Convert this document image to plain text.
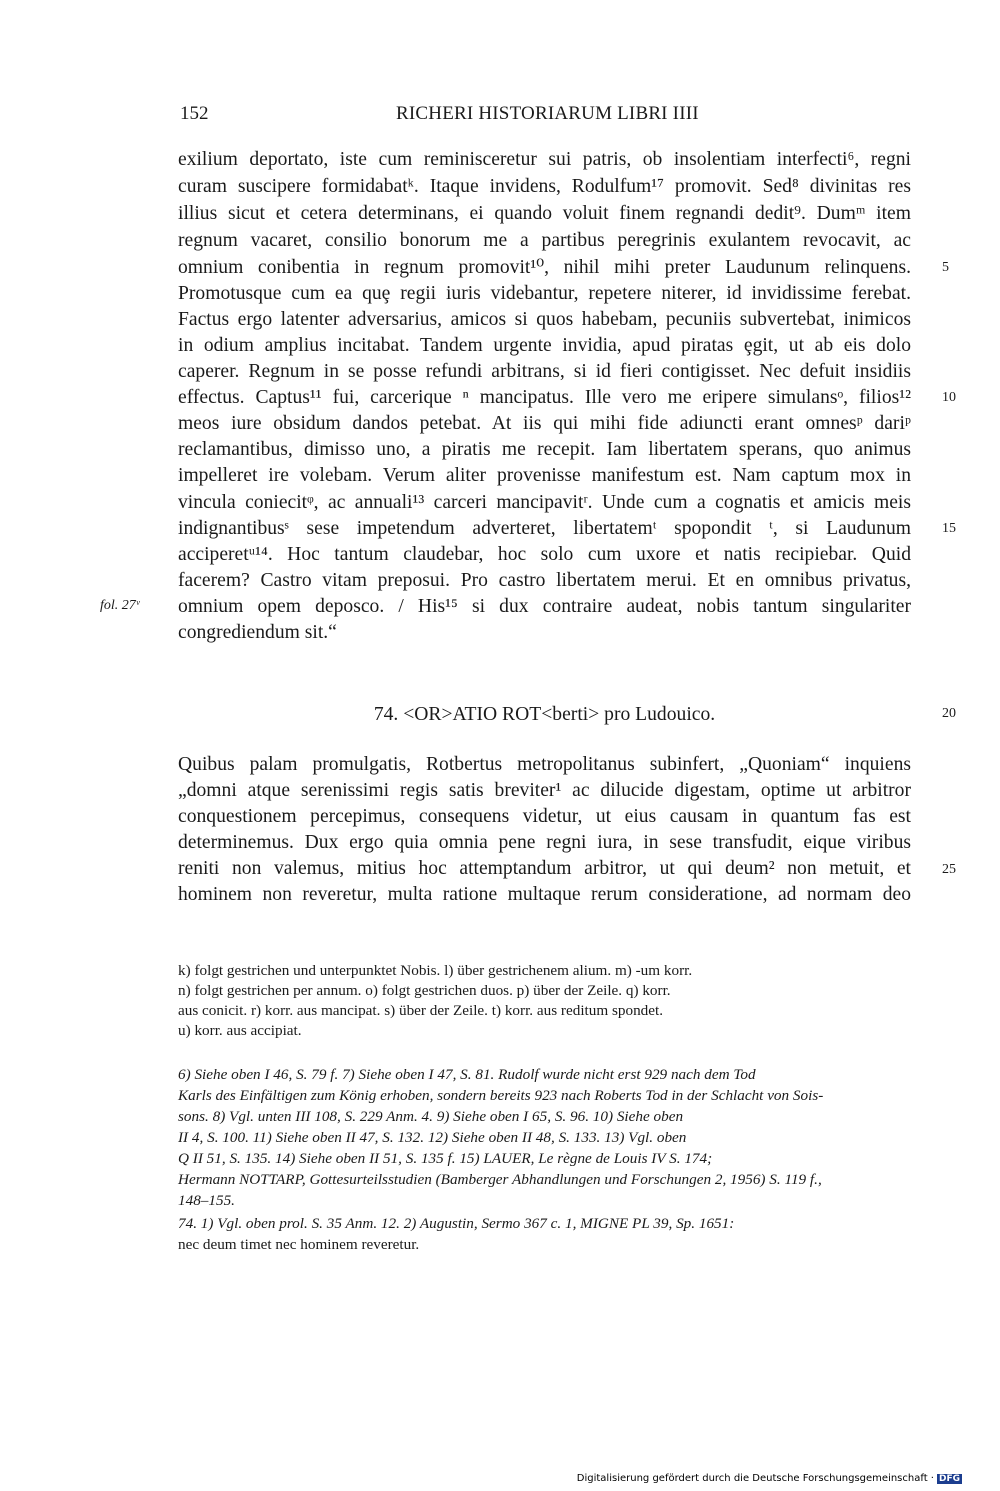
152	RICHERI HISTORIARUM LIBRI IIII
exilium deportato, iste cum reminisceretur sui patris, ob insolentiam interfecti⁶, regni
curam suscipere formidabatᵏ. Itaque invidens, Rodulfum¹⁷ promovit. Sed⁸ divinitas res
illius sicut et cetera determinans, ei quando voluit finem regnandi dedit⁹. Dumᵐ item
regnum vacaret, consilio bonorum me a partibus peregrinis exulantem revocavit, ac
omnium conibentia in regnum promovit¹⁰, nihil mihi preter Laudunum relinquens.
Promotusque cum ea quȩ regii iuris videbantur, repetere niterer, id invidissime ferebat.
Factus ergo latenter adversarius, amicos si quos habebam, pecuniis subvertebat, inimicos
in odium amplius incitabat. Tandem urgente invidia, apud piratas ȩgit, ut ab eis dolo
caperer. Regnum in se posse refundi arbitrans, si id fieri contigisset. Nec defuit insidiis
effectus. Captus¹¹ fui, carcerique ⁿ mancipatus. Ille vero me eripere simulansᵒ, filios¹²
meos iure obsidum dandos petebat. At iis qui mihi fide adiuncti erant omnesᵖ dariᵖ
reclamantibus, dimisso uno, a piratis me recepit. Iam libertatem sperans, quo animus
impelleret ire volebam. Verum aliter provenisse manifestum est. Nam captum mox in
vincula coniecitᵠ, ac annuali¹³ carceri mancipavitʳ. Unde cum a cognatis et amicis meis
indignantibusˢ sese impetendum adverteret, libertatemᵗ spopondit ᵗ, si Laudunum
acciperetᵘ¹⁴. Hoc tantum claudebar, hoc solo cum uxore et natis recipiebar. Quid
facerem? Castro vitam preposui. Pro castro libertatem merui. Et en omnibus privatus,
omnium opem deposco. / His¹⁵ si dux contraire audeat, nobis tantum singulariter
congrediendum sit.“
5
10
15
20
25
fol. 27ᵛ
74. <OR>ATIO ROT<berti> pro Ludouico.
Quibus palam promulgatis, Rotbertus metropolitanus subinfert, „Quoniam“ inquiens
„domni atque serenissimi regis satis breviter¹ ac dilucide digestam, optime ut arbitror
conquestionem percepimus, consequens videtur, ut eius causam in quantum fas est
determinemus. Dux ergo quia omnia pene regni iura, in sese transfudit, eique viribus
reniti non valemus, mitius hoc attemptandum arbitror, ut qui deum² non metuit, et
hominem non reveretur, multa ratione multaque rerum consideratione, ad normam deo
k) folgt gestrichen und unterpunktet Nobis. l) über gestrichenem alium. m) -um korr.
n) folgt gestrichen per annum. o) folgt gestrichen duos. p) über der Zeile. q) korr.
aus conicit. r) korr. aus mancipat. s) über der Zeile. t) korr. aus reditum spondet.
u) korr. aus accipiat.
6) Siehe oben I 46, S. 79 f. 7) Siehe oben I 47, S. 81. Rudolf wurde nicht erst 929 nach dem Tod
Karls des Einfältigen zum König erhoben, sondern bereits 923 nach Roberts Tod in der Schlacht von Sois-
sons. 8) Vgl. unten III 108, S. 229 Anm. 4. 9) Siehe oben I 65, S. 96. 10) Siehe oben
II 4, S. 100. 11) Siehe oben II 47, S. 132. 12) Siehe oben II 48, S. 133. 13) Vgl. oben
Q II 51, S. 135. 14) Siehe oben II 51, S. 135 f. 15) LAUER, Le règne de Louis IV S. 174;
Hermann NOTTARP, Gottesurteilsstudien (Bamberger Abhandlungen und Forschungen 2, 1956) S. 119 f.,
148–155.
74. 1) Vgl. oben prol. S. 35 Anm. 12. 2) Augustin, Sermo 367 c. 1, MIGNE PL 39, Sp. 1651:
nec deum timet nec hominem reveretur.
Digitalisierung gefördert durch die Deutsche Forschungsgemeinschaft · DFG
